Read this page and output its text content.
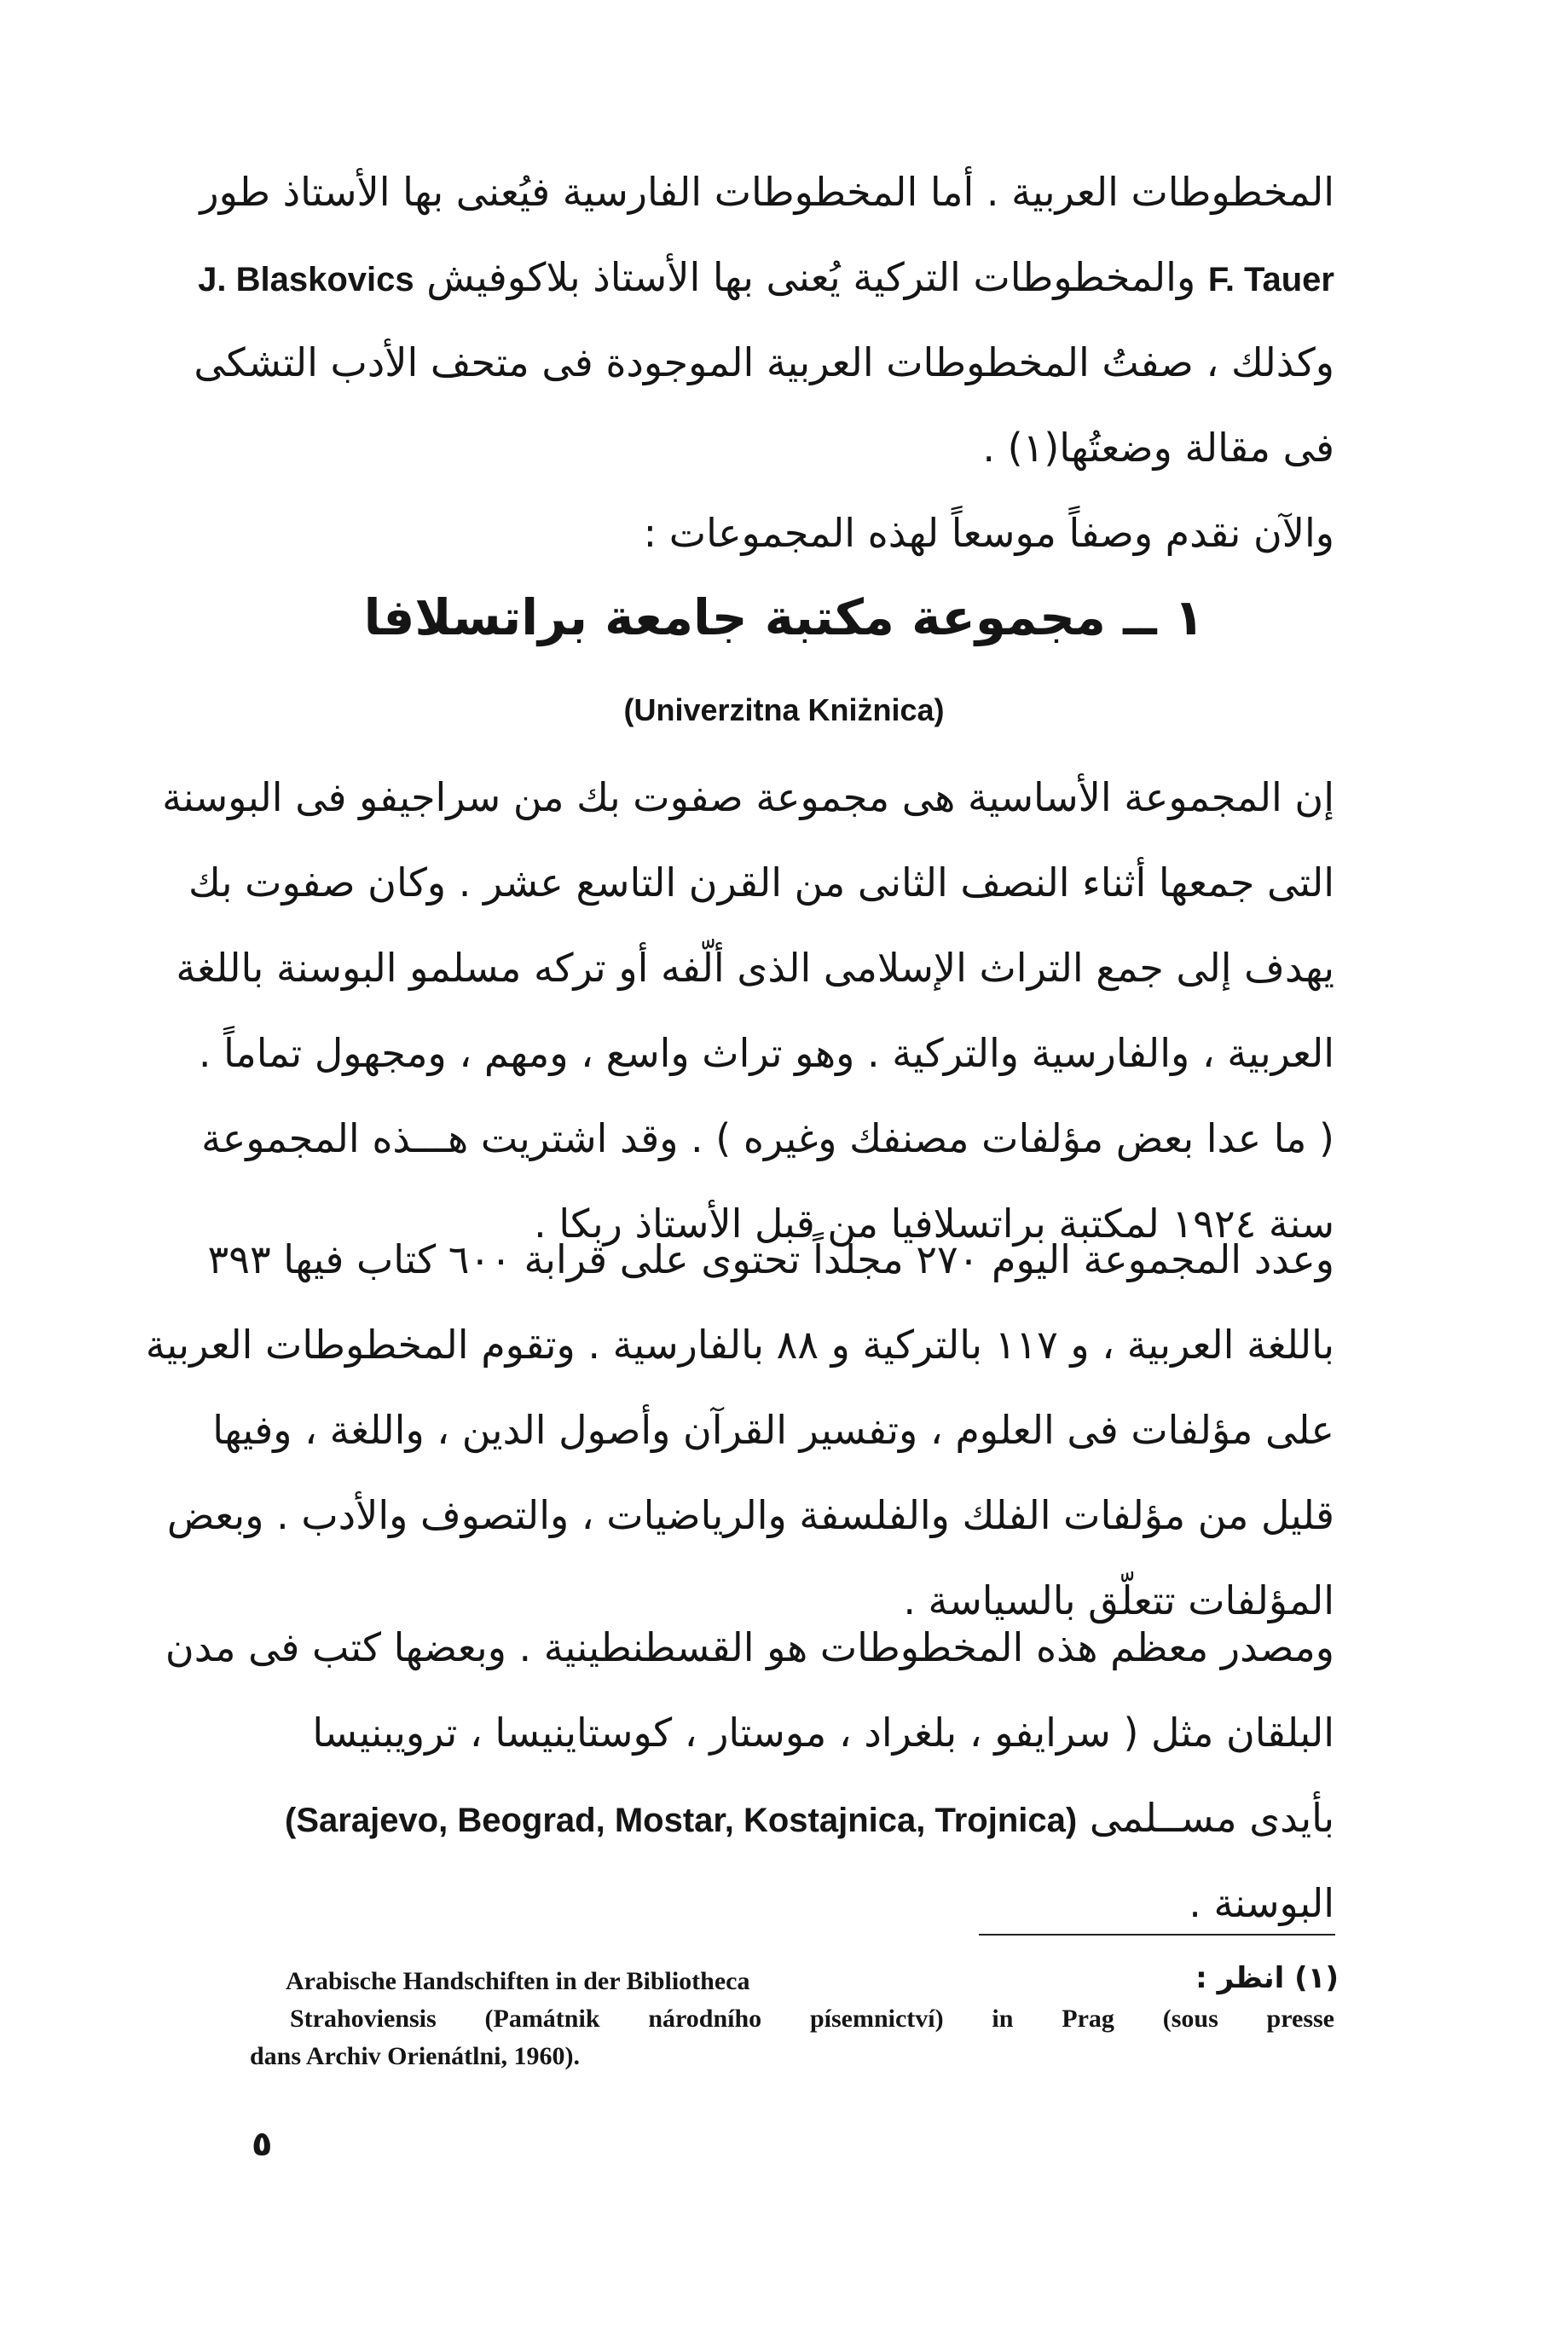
المخطوطات العربية . أما المخطوطات الفارسية فيُعنى بها الأستاذ طور
F. Tauer والمخطوطات التركية يُعنى بها الأستاذ بلاكوفيش J. Blaskovics
وكذلك ، صفتُ المخطوطات العربية الموجودة فى متحف الأدب التشكى
فى مقالة وضعتُها(١) .
والآن نقدم وصفاً موسعاً لهذه المجموعات :
١ ــ مجموعة مكتبة جامعة براتسلافا
(Univerzitna Kniżnica)
إن المجموعة الأساسية هى مجموعة صفوت بك من سراجيفو فى البوسنة
التى جمعها أثناء النصف الثانى من القرن التاسع عشر . وكان صفوت بك
يهدف إلى جمع التراث الإسلامى الذى ألّفه أو تركه مسلمو البوسنة باللغة
العربية ، والفارسية والتركية . وهو تراث واسع ، ومهم ، ومجهول تماماً .
( ما عدا بعض مؤلفات مصنفك وغيره ) . وقد اشتريت هـــذه المجموعة
سنة ١٩٢٤ لمكتبة براتسلافيا من قبل الأستاذ ربكا .
وعدد المجموعة اليوم ٢٧٠ مجلداً تحتوى على قرابة ٦٠٠ كتاب فيها ٣٩٣
باللغة العربية ، و ١١٧ بالتركية و ٨٨ بالفارسية . وتقوم المخطوطات العربية
على مؤلفات فى العلوم ، وتفسير القرآن وأصول الدين ، واللغة ، وفيها
قليل من مؤلفات الفلك والفلسفة والرياضيات ، والتصوف والأدب . وبعض
المؤلفات تتعلّق بالسياسة .
ومصدر معظم هذه المخطوطات هو القسطنطينية . وبعضها كتب فى مدن
البلقان مثل ( سرايفو ، بلغراد ، موستار ، كوستاينيسا ، ترويبنيسا
بأيدى مســلمى (Sarajevo, Beograd, Mostar, Kostajnica, Trojnica)
البوسنة .
(١) انظر :
Arabische Handschiften in der Bibliotheca
Strahoviensis (Památnik národního písemnictví) in Prag (sous presse
dans Archiv Orienátlni, 1960).
٥
